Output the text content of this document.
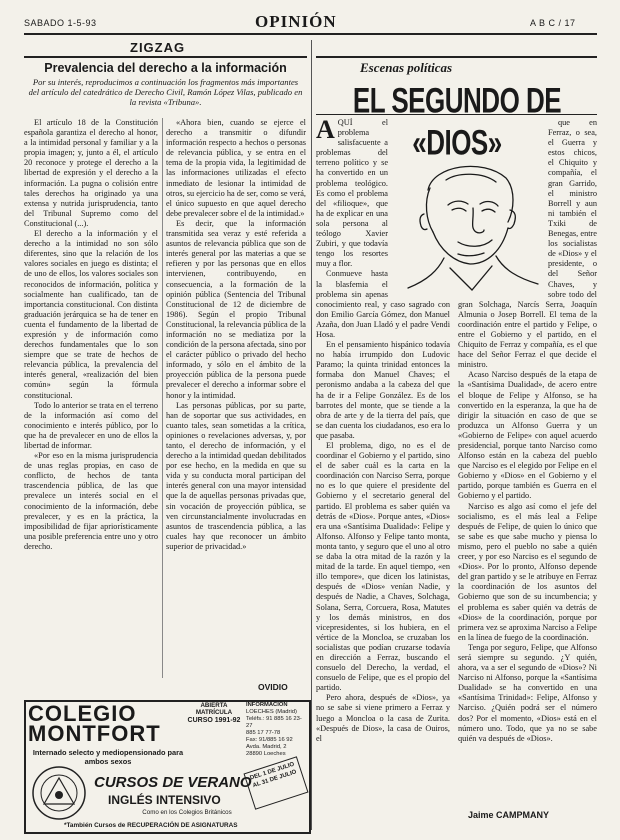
SABADO 1-5-93	OPINIÓN	A B C / 17
ZIGZAG
Prevalencia del derecho a la información
Por su interés, reproducimos a continuación los fragmentos más importantes del artículo del catedrático de Derecho Civil, Ramón López Vilas, publicado en la revista «Tribuna».

El artículo 18 de la Constitución española garantiza el derecho al honor, a la intimidad personal y familiar y a la propia imagen; y, junto a él, el artículo 20 reconoce y protege el derecho a la libertad de expresión y el derecho a la información. La pugna o colisión entre tales derechos ha originado ya una extensa y nutrida jurisprudencia, tanto del Tribunal Supremo como del Constitucional (...).

El derecho a la información y el derecho a la intimidad no son sólo diferentes, sino que la relación de los valores sociales en juego es distinta; el de uno de ellos, los valores sociales son reconocidos de información, política y socialmente han cualificado, tan de importancia constitucional. Con distinta graduación jerárquica se ha de tener en cuenta el fundamento de la libertad de expresión y de información como derechos fundamentales que lo son siempre que se trate de hechos de relevancia pública, la prevalencia del interés general, «realización del bien común» según la fórmula constitucional.

Todo lo anterior se trata en el terreno de la información así como del conocimiento e interés público, por lo que ha de prevalecer en uno de ellos la libertad de informar.

«Por eso en la misma jurisprudencia de unas reglas propias, en caso de conflicto, de hechos de tanta trascendencia pública, de las que prevalece un interés social en el conocimiento de la información, debe prevalecer, y es en la práctica, la imposibilidad de fijar apriorísticamente una posible preferencia entre uno y otro derecho.

«Ahora bien, cuando se ejerce el derecho a transmitir o difundir información respecto a hechos o personas de relevancia pública, y se entra en el tema de la propia vida, la legitimidad de las informaciones utilizadas el efecto inmediato de lesionar la intimidad de otros, su ejercicio ha de ser, como se verá, el único supuesto en que aquel derecho debe prevalecer sobre el de la intimidad.»

Es decir, que la información transmitida sea veraz y esté referida a asuntos de relevancia pública que son de interés general por las materias a que se refieren y por las personas que en ellos intervienen, contribuyendo, en consecuencia, a la formación de la opinión pública (Sentencia del Tribunal Constitucional de 12 de diciembre de 1986). Según el propio Tribunal Constitucional, la relevancia pública de la información no se mediatiza por la condición de la persona afectada, sino por el carácter público o privado del hecho informado, y sólo en el ámbito de la proyección pública de la persona puede prevalecer el derecho a informar sobre el honor y la intimidad.

Las personas públicas, por su parte, han de soportar que sus actividades, en cuanto tales, sean sometidas a la crítica, opiniones o revelaciones adversas, y, por tanto, el derecho de información, y el derecho a la intimidad quedan debilitados por ese hecho, en la medida en que su vida y su conducta moral participan del interés general con una mayor intensidad que la de aquellas personas privadas que, sin vocación de proyección pública, se ven circunstancialmente involucradas en asuntos de trascendencia pública, a las cuales hay que reconocer un ámbito superior de privacidad.»

OVIDIO
Escenas políticas
EL SEGUNDO DE «DIOS»
A QUÍ el problema salisfacuente a problemas del terreno político y se ha convertido en un problema teológico. Es como el problema del «filioque», que ha de explicar en una sola persona al teólogo Xavier Zubiri, y que todavía tengo los resortes muy a flor.

Conmueve hasta la blasfemia el problema sin apenas conocimiento real, y caso sagrado con don Emilio García Gómez, don Manuel Azaña, don Juan Lladó y el padre Vendi Hosa.

En el pensamiento hispánico todavía no había irrumpido don Ludovic Paramo; la quinta trinidad entonces la formaba don Manuel Chaves; el peronismo andaba a la cabeza del que ha de ir a Felipe González. Es de los barrotes del monte, que se tiende a la obra de arte y de la tierra del país, que se dan cuenta los ciudadanos, eso era lo que pasaba.

El problema, digo, no es el de coordinar el Gobierno y el partido, sino el de saber cuál es la carta en la coordinación con Narciso Serra, porque no es lo que quiere el presidente del Gobierno y el secretario general del partido. El problema es saber quién va detrás de «Dios». Porque antes, «Dios» era una «Santísima Dualidad»: Felipe y Alfonso. Alfonso y Felipe tanto monta, monta tanto, y seguro que el uno al otro se daba la otra mitad de la razón y la mitad de la tarde. En aquel tiempo, «en illo tempore», que dicen los latinistas, después de «Dios» venían Nadie, y después de Nadie, a Chaves, Solchaga, Solana, Serra, Corcuera, Rosa, Matutes y los demás ministros, en dos vicepresidentes, si los hubiera, en el vértice de la Moncloa, se cruzaban los socialistas que podían cruzarse todavía en dirección a Ferraz, buscando el consuelo del Derecho, la verdad, el consuelo de Felipe, que es el propio del partido.

Pero ahora, después de «Dios», ya no se sabe si viene primero a Ferraz y luego a Moncloa o la casa de Zurita. «Después de Dios», la casa de Ouiros, el

que en Ferraz, o sea, el Guerra y estos chicos, el Chiquito y compañía, el gran Garrido, el ministro Borrell y aun ni también el Txiki de Benegas, entre los socialistas de «Dios» y el presidente, o del Señor Chaves, y sobre todo del gran Solchaga, Narcís Serra, Joaquín Almunia o Josep Borrell. El tema de la coordinación entre el partido y Felipe, o entre el Gobierno y el partido, en el Chiquito de Ferraz y compañía, es el que hace del Señor Ferraz el que decide el ministro.

Acaso Narciso después de la etapa de la «Santísima Dualidad», de acero entre el bloque de Felipe y Alfonso, se ha convertido en la esperanza, la que ha de dirigir la situación en caso de que se produzca un Alfonso Guerra y un «Gobierno de Felipe» con aquel acuerdo presidencial, porque tanto Narciso como Alfonso están en la cabeza del pueblo que Narciso es el elegido por Felipe en el Gobierno y «Dios» en el Gobierno y el partido, porque también es Guerra en el Gobierno y el partido.

Narciso es algo así como el jefe del socialismo, es el más leal a Felipe después de Felipe, de quien lo único que se sabe es que sabe mucho y piensa lo mismo, pero el pueblo no sabe a quién creer, y por eso Narciso es el segundo de «Dios». Por lo pronto, Alfonso depende del gran partido y se le atribuye en Ferraz la coordinación de los asuntos del Gobierno que son de su incumbencia; y el problema es saber quién va detrás de «Dios» de la coordinación, porque por primera vez se aproxima Narciso a Felipe en la línea de fuego de la coordinación.

Tenga por seguro, Felipe, que Alfonso será siempre su segundo. ¿Y quién, ahora, va a ser el segundo de «Dios»? Ni Narciso ni Alfonso, porque la «Santísima Dualidad» se ha convertido en una «Santísima Trinidad»: Felipe, Alfonso y Narciso. ¿Quién podrá ser el número dos? Por el momento, «Dios» está en el número uno. Todo, que ya no se sabe quién va después de «Dios».

Jaime CAMPMANY
COLEGIO
MONTFORT
Internado selecto y mediopensionado para ambos sexos
ABIERTA MATRÍCULA
CURSO 1991-92
INFORMACIÓN
LOECHES (Madrid)
Teléfs.: 91 885 16 23-27
885 17 77-78
Fax: 91/885 16 92
Avda. Madrid, 2
28890 Loeches
CURSOS DE VERANO
INGLÉS INTENSIVO
DEL 1 DE JULIO AL 31 DE JULIO
Como en los Colegios Británicos
*También Cursos de RECUPERACIÓN DE ASIGNATURAS
